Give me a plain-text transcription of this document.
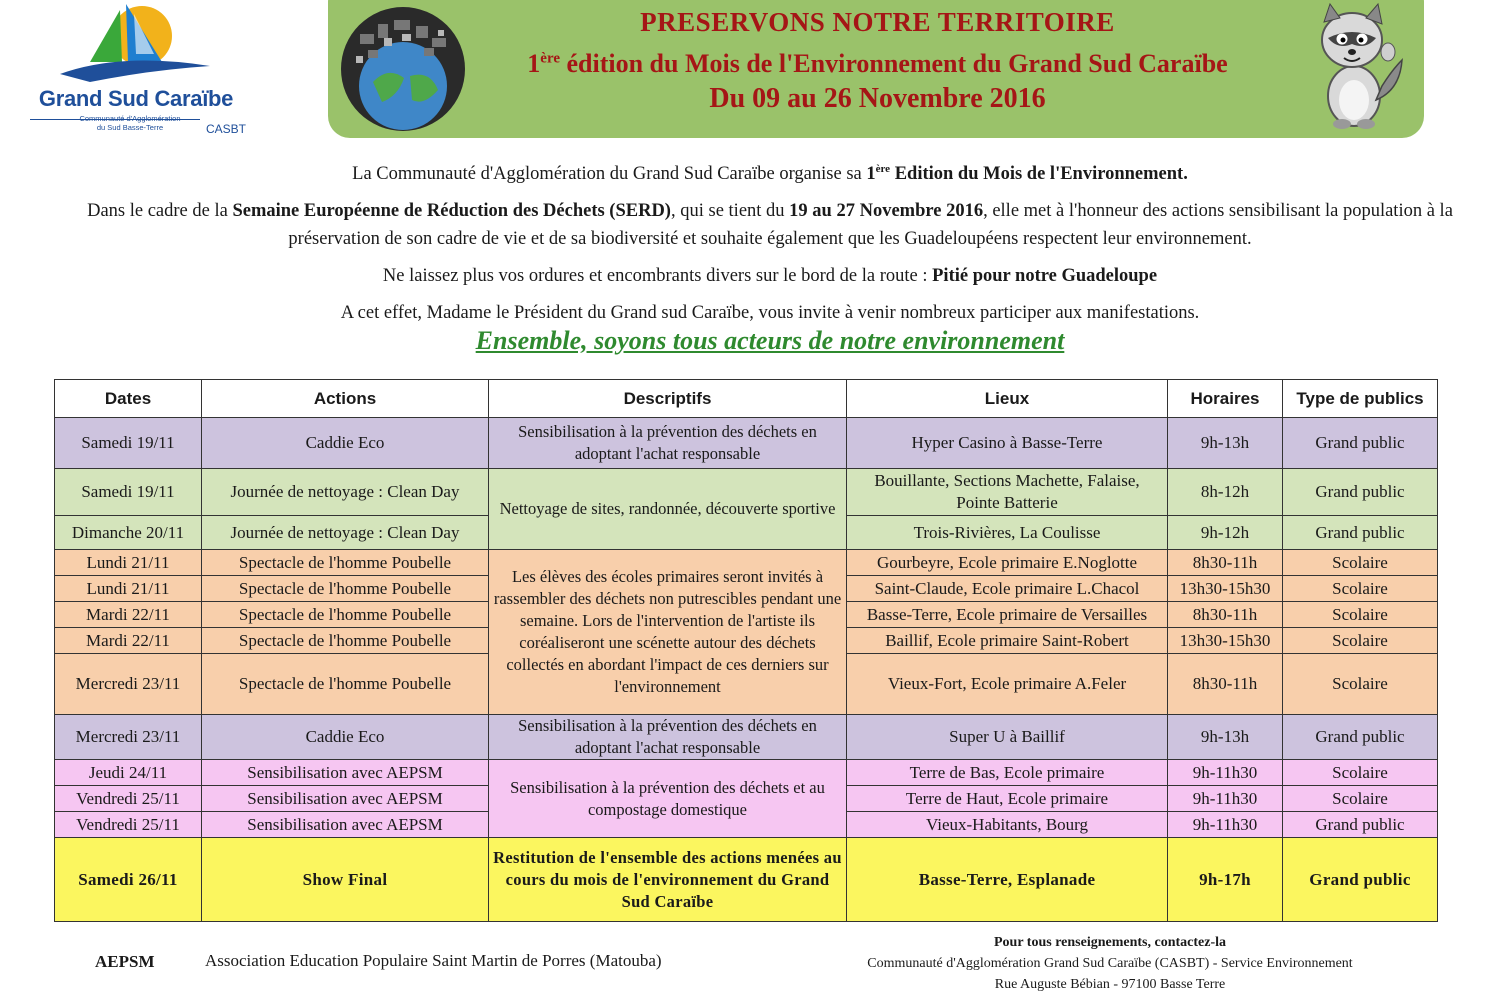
Grand Sud Caraïbe
Communauté d'Agglomération
du Sud Basse-Terre	CASBT
PRESERVONS NOTRE TERRITOIRE
1ère édition du Mois de l'Environnement du Grand Sud Caraïbe
Du 09 au 26 Novembre 2016

La Communauté d'Agglomération du Grand Sud Caraïbe organise sa 1ère Edition du Mois de l'Environnement.

Dans le cadre de la Semaine Européenne de Réduction des Déchets (SERD), qui se tient du 19 au 27 Novembre 2016, elle met à l'honneur des actions sensibilisant la population à la préservation de son cadre de vie et de sa biodiversité et souhaite également que les Guadeloupéens respectent leur environnement.

Ne laissez plus vos ordures et encombrants divers sur le bord de la route : Pitié pour notre Guadeloupe

A cet effet, Madame le Président du Grand sud Caraïbe, vous invite à venir nombreux participer aux manifestations.

Ensemble, soyons tous acteurs de notre environnement
Dates	Actions	Descriptifs	Lieux	Horaires	Type de publics
Samedi 19/11	Caddie Eco	Sensibilisation à la prévention des déchets en adoptant l'achat responsable	Hyper Casino à Basse-Terre	9h-13h	Grand public
Samedi 19/11	Journée de nettoyage : Clean Day	Nettoyage de sites, randonnée, découverte sportive	Bouillante, Sections Machette, Falaise, Pointe Batterie	8h-12h	Grand public
Dimanche 20/11	Journée de nettoyage : Clean Day		Trois-Rivières, La Coulisse	9h-12h	Grand public
Lundi 21/11	Spectacle de l'homme Poubelle	Les élèves des écoles primaires seront invités à rassembler des déchets non putrescibles pendant une semaine. Lors de l'intervention de l'artiste ils coréaliseront une scénette autour des déchets collectés en abordant l'impact de ces derniers sur l'environnement	Gourbeyre, Ecole primaire E.Noglotte	8h30-11h	Scolaire
Lundi 21/11	Spectacle de l'homme Poubelle		Saint-Claude, Ecole primaire L.Chacol	13h30-15h30	Scolaire
Mardi 22/11	Spectacle de l'homme Poubelle		Basse-Terre, Ecole primaire de Versailles	8h30-11h	Scolaire
Mardi 22/11	Spectacle de l'homme Poubelle		Baillif, Ecole primaire Saint-Robert	13h30-15h30	Scolaire
Mercredi 23/11	Spectacle de l'homme Poubelle		Vieux-Fort, Ecole primaire A.Feler	8h30-11h	Scolaire
Mercredi 23/11	Caddie Eco	Sensibilisation à la prévention des déchets en adoptant l'achat responsable	Super U à Baillif	9h-13h	Grand public
Jeudi 24/11	Sensibilisation avec AEPSM	Sensibilisation à la prévention des déchets et au compostage domestique	Terre de Bas, Ecole primaire	9h-11h30	Scolaire
Vendredi 25/11	Sensibilisation avec AEPSM		Terre de Haut, Ecole primaire	9h-11h30	Scolaire
Vendredi 25/11	Sensibilisation avec AEPSM		Vieux-Habitants, Bourg	9h-11h30	Grand public
Samedi 26/11	Show Final	Restitution de l'ensemble des actions menées au cours du mois de l'environnement du Grand Sud Caraïbe	Basse-Terre, Esplanade	9h-17h	Grand public
AEPSM	Association Education Populaire Saint Martin de Porres (Matouba)
Pour tous renseignements, contactez-la
Communauté d'Agglomération Grand Sud Caraïbe (CASBT) - Service Environnement
Rue Auguste Bébian - 97100 Basse Terre
